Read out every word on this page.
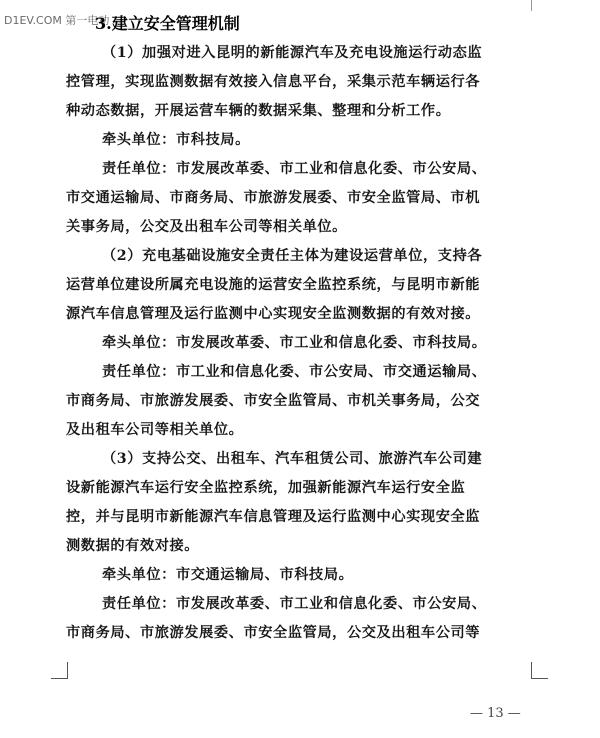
D1EV.COM 第一电动
3.建立安全管理机制
（1）加强对进入昆明的新能源汽车及充电设施运行动态监
控管理，实现监测数据有效接入信息平台，采集示范车辆运行各
种动态数据，开展运营车辆的数据采集、整理和分析工作。
牵头单位：市科技局。
责任单位：市发展改革委、市工业和信息化委、市公安局、
市交通运输局、市商务局、市旅游发展委、市安全监管局、市机
关事务局，公交及出租车公司等相关单位。
（2）充电基础设施安全责任主体为建设运营单位，支持各
运营单位建设所属充电设施的运营安全监控系统，与昆明市新能
源汽车信息管理及运行监测中心实现安全监测数据的有效对接。
牵头单位：市发展改革委、市工业和信息化委、市科技局。
责任单位：市工业和信息化委、市公安局、市交通运输局、
市商务局、市旅游发展委、市安全监管局、市机关事务局，公交
及出租车公司等相关单位。
（3）支持公交、出租车、汽车租赁公司、旅游汽车公司建
设新能源汽车运行安全监控系统，加强新能源汽车运行安全监
控，并与昆明市新能源汽车信息管理及运行监测中心实现安全监
测数据的有效对接。
牵头单位：市交通运输局、市科技局。
责任单位：市发展改革委、市工业和信息化委、市公安局、
市商务局、市旅游发展委、市安全监管局，公交及出租车公司等
— 13 —
